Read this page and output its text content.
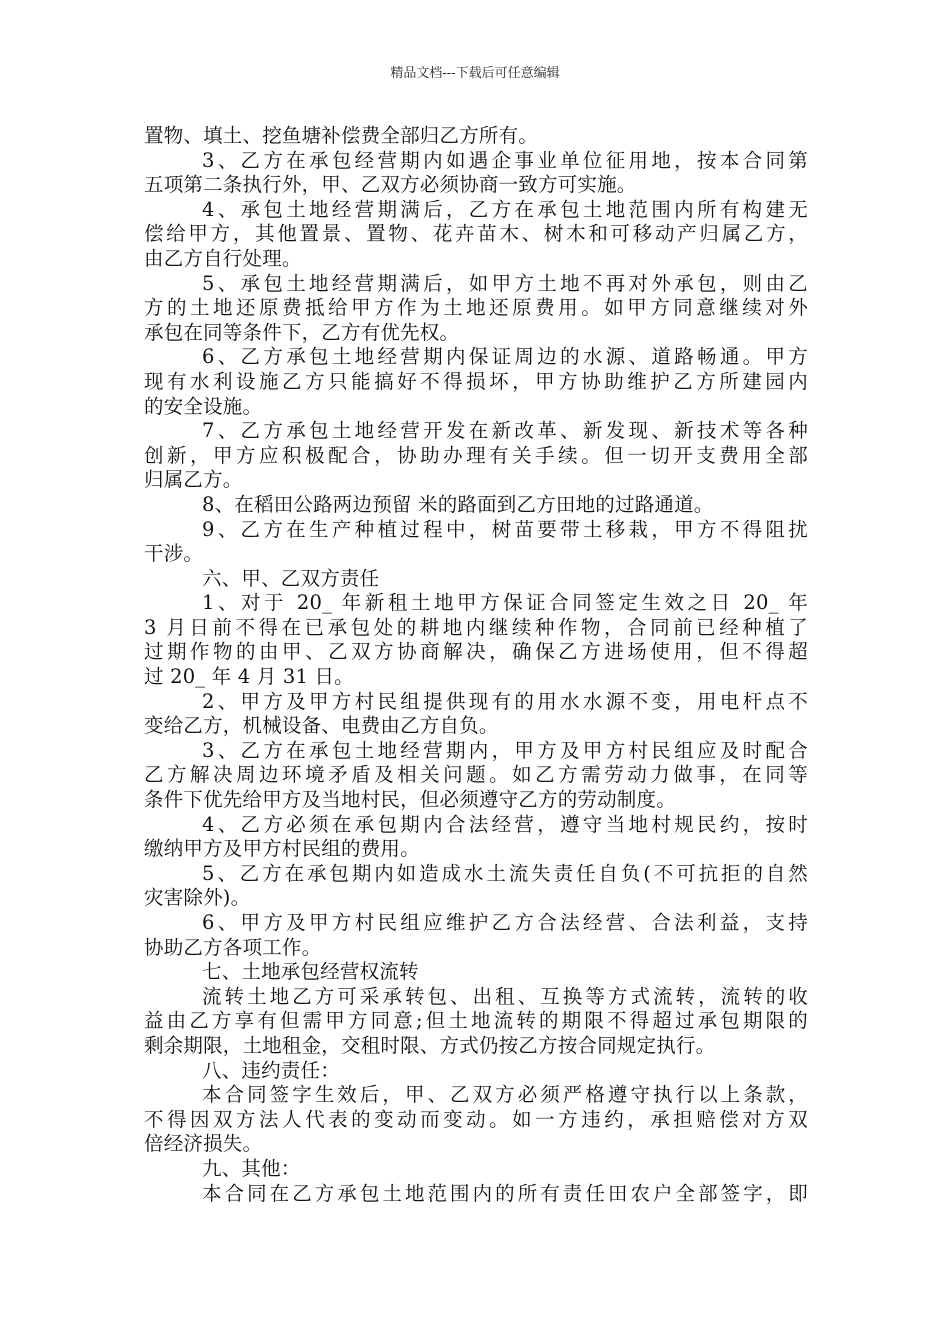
精品文档---下载后可任意编辑
置物、填土、挖鱼塘补偿费全部归乙方所有。
3、乙方在承包经营期内如遇企事业单位征用地，按本合同第
五项第二条执行外，甲、乙双方必须协商一致方可实施。
4、承包土地经营期满后，乙方在承包土地范围内所有构建无
偿给甲方，其他置景、置物、花卉苗木、树木和可移动产归属乙方，
由乙方自行处理。
5、承包土地经营期满后，如甲方土地不再对外承包，则由乙
方的土地还原费抵给甲方作为土地还原费用。如甲方同意继续对外
承包在同等条件下，乙方有优先权。
6、乙方承包土地经营期内保证周边的水源、道路畅通。甲方
现有水利设施乙方只能搞好不得损坏，甲方协助维护乙方所建园内
的安全设施。
7、乙方承包土地经营开发在新改革、新发现、新技术等各种
创新，甲方应积极配合，协助办理有关手续。但一切开支费用全部
归属乙方。
8、在稻田公路两边预留 米的路面到乙方田地的过路通道。
9、乙方在生产种植过程中，树苗要带土移栽，甲方不得阻扰
干涉。
六、甲、乙双方责任
1、对于 20_ 年新租土地甲方保证合同签定生效之日 20_ 年
3 月日前不得在已承包处的耕地内继续种作物，合同前已经种植了
过期作物的由甲、乙双方协商解决，确保乙方进场使用，但不得超
过 20_ 年 4 月 31 日。
2、甲方及甲方村民组提供现有的用水水源不变，用电杆点不
变给乙方，机械设备、电费由乙方自负。
3、乙方在承包土地经营期内，甲方及甲方村民组应及时配合
乙方解决周边环境矛盾及相关问题。如乙方需劳动力做事，在同等
条件下优先给甲方及当地村民，但必须遵守乙方的劳动制度。
4、乙方必须在承包期内合法经营，遵守当地村规民约，按时
缴纳甲方及甲方村民组的费用。
5、乙方在承包期内如造成水土流失责任自负(不可抗拒的自然
灾害除外)。
6、甲方及甲方村民组应维护乙方合法经营、合法利益，支持
协助乙方各项工作。
七、土地承包经营权流转
流转土地乙方可采承转包、出租、互换等方式流转，流转的收
益由乙方享有但需甲方同意;但土地流转的期限不得超过承包期限的
剩余期限，土地租金，交租时限、方式仍按乙方按合同规定执行。
八、违约责任：
本合同签字生效后，甲、乙双方必须严格遵守执行以上条款，
不得因双方法人代表的变动而变动。如一方违约，承担赔偿对方双
倍经济损失。
九、其他：
本合同在乙方承包土地范围内的所有责任田农户全部签字，即
